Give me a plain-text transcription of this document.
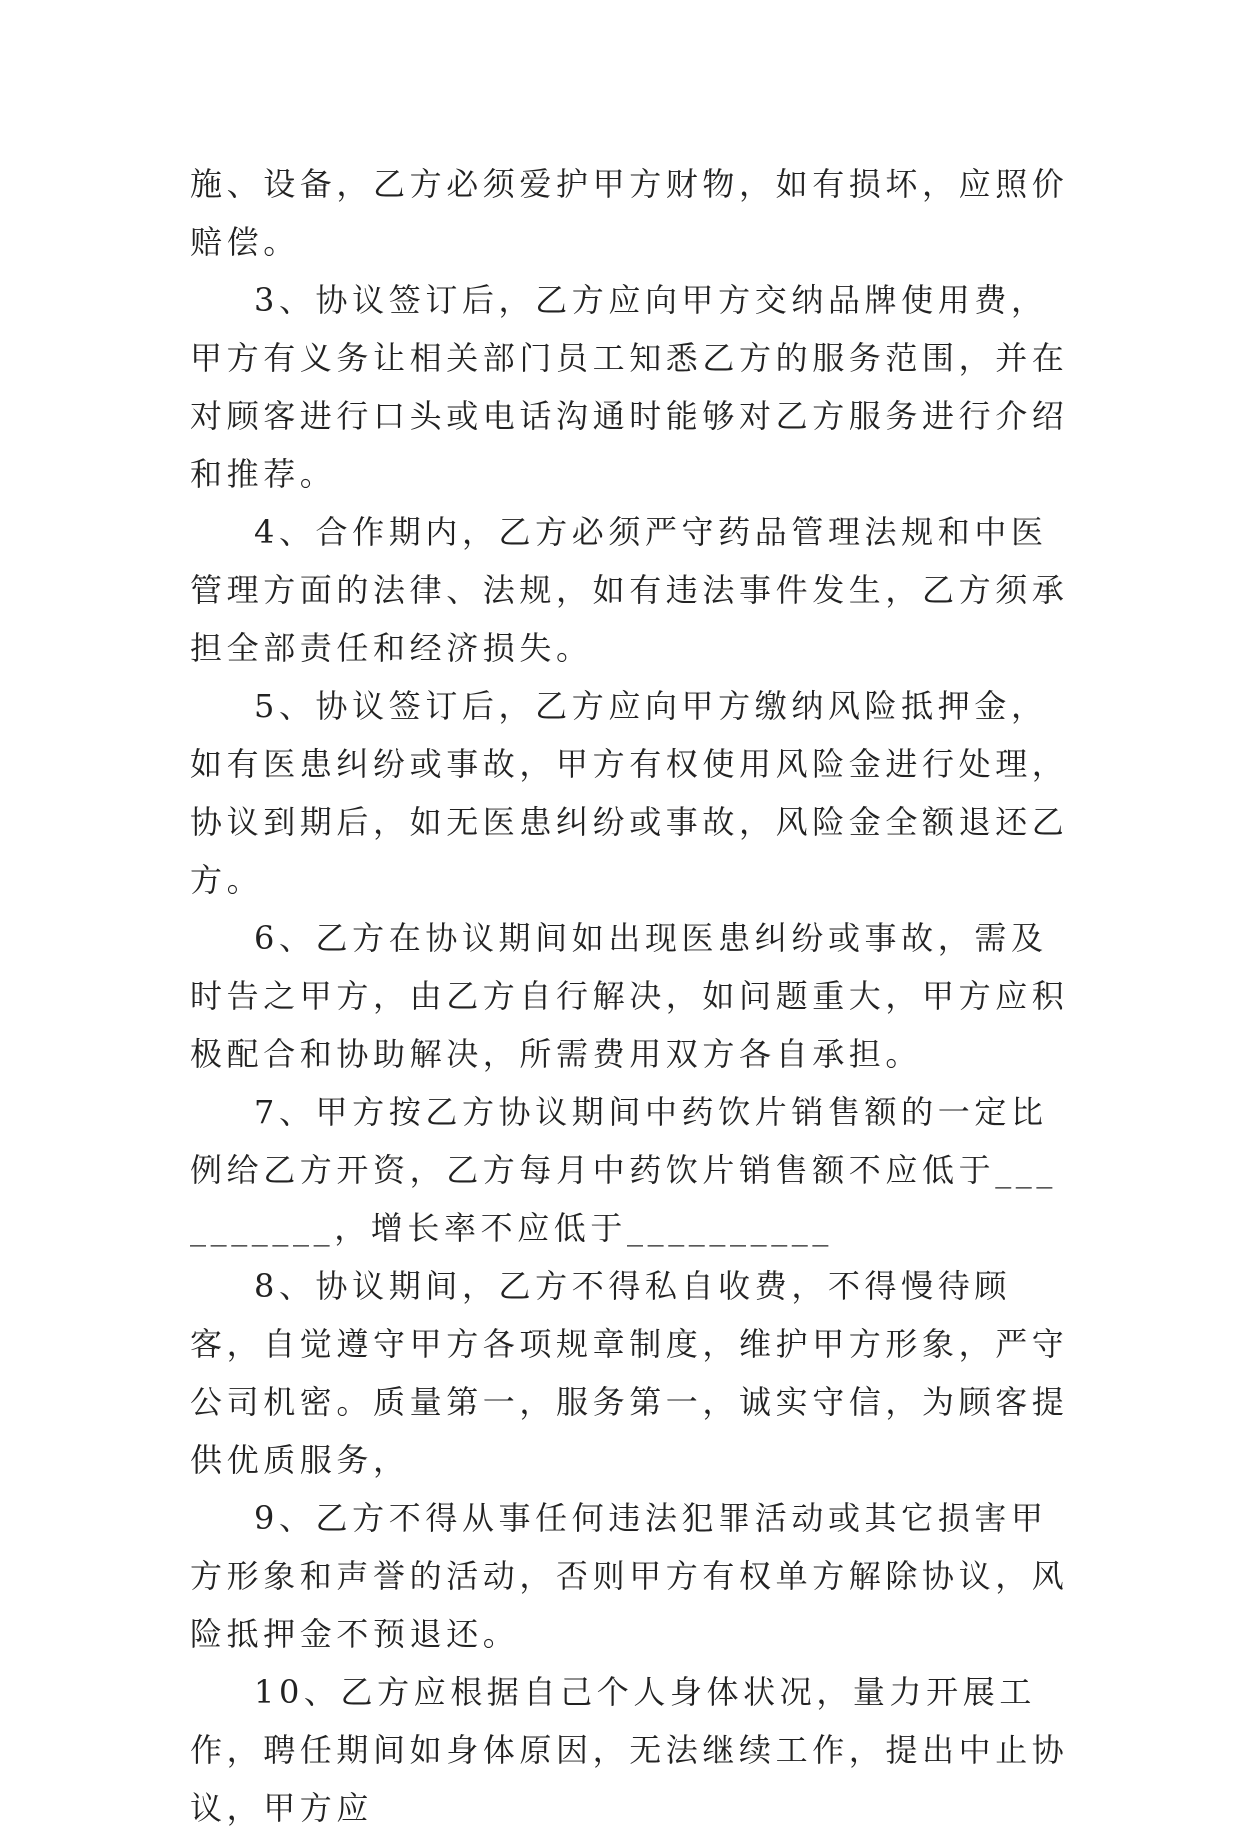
施、设备，乙方必须爱护甲方财物，如有损坏，应照价赔偿。

3、协议签订后，乙方应向甲方交纳品牌使用费，甲方有义务让相关部门员工知悉乙方的服务范围，并在对顾客进行口头或电话沟通时能够对乙方服务进行介绍和推荐。

4、合作期内，乙方必须严守药品管理法规和中医管理方面的法律、法规，如有违法事件发生，乙方须承担全部责任和经济损失。

5、协议签订后，乙方应向甲方缴纳风险抵押金，如有医患纠纷或事故，甲方有权使用风险金进行处理，协议到期后，如无医患纠纷或事故，风险金全额退还乙方。

6、乙方在协议期间如出现医患纠纷或事故，需及时告之甲方，由乙方自行解决，如问题重大，甲方应积极配合和协助解决，所需费用双方各自承担。

7、甲方按乙方协议期间中药饮片销售额的一定比例给乙方开资，乙方每月中药饮片销售额不应低于__________，增长率不应低于__________

8、协议期间，乙方不得私自收费，不得慢待顾客，自觉遵守甲方各项规章制度，维护甲方形象，严守公司机密。质量第一，服务第一，诚实守信，为顾客提供优质服务，

9、乙方不得从事任何违法犯罪活动或其它损害甲方形象和声誉的活动，否则甲方有权单方解除协议，风险抵押金不预退还。

10、乙方应根据自己个人身体状况，量力开展工作，聘任期间如身体原因，无法继续工作，提出中止协议，甲方应
